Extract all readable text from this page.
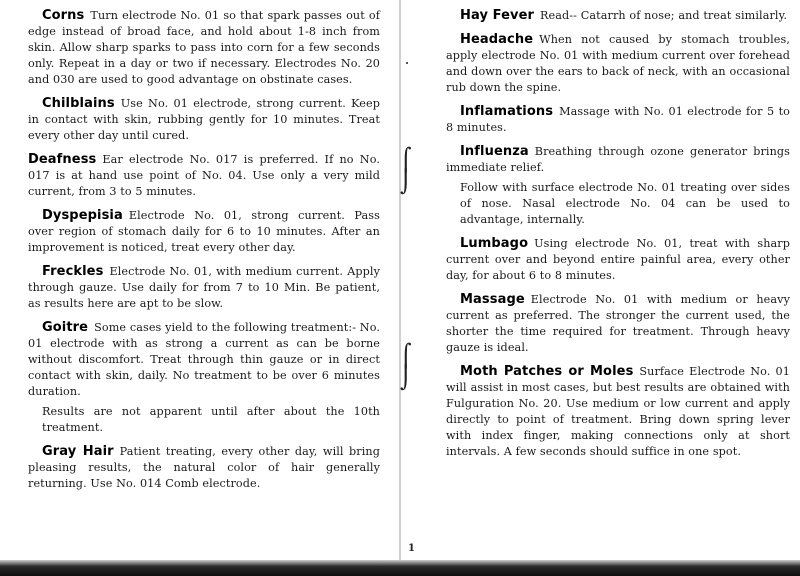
Corns Turn electrode No. 01 so that spark passes out of edge instead of broad face, and hold about 1-8 inch from skin. Allow sharp sparks to pass into corn for a few seconds only. Repeat in a day or two if necessary. Electrodes No. 20 and 030 are used to good advantage on obstinate cases.

Chilblains Use No. 01 electrode, strong current. Keep in contact with skin, rubbing gently for 10 minutes. Treat every other day until cured.

Deafness Ear electrode No. 017 is preferred. If no No. 017 is at hand use point of No. 04. Use only a very mild current, from 3 to 5 minutes.

Dyspepisia Electrode No. 01, strong current. Pass over region of stomach daily for 6 to 10 minutes. After an improvement is noticed, treat every other day.

Freckles Electrode No. 01, with medium current. Apply through gauze. Use daily for from 7 to 10 Min. Be patient, as results here are apt to be slow.

Goitre Some cases yield to the following treatment:- No. 01 electrode with as strong a current as can be borne without discomfort. Treat through thin gauze or in direct contact with skin, daily. No treatment to be over 6 minutes duration.

Results are not apparent until after about the 10th treatment.

Gray Hair Patient treating, every other day, will bring pleasing results, the natural color of hair generally returning. Use No. 014 Comb electrode.

⌠
⌡
⌠
⌡

Hay Fever Read-- Catarrh of nose; and treat similarly.

Headache When not caused by stomach troubles, apply electrode No. 01 with medium current over forehead and down over the ears to back of neck, with an occasional rub down the spine.

Inflamations Massage with No. 01 electrode for 5 to 8 minutes.

Influenza Breathing through ozone generator brings immediate relief.

Follow with surface electrode No. 01 treating over sides of nose. Nasal electrode No. 04 can be used to advantage, internally.

Lumbago Using electrode No. 01, treat with sharp current over and beyond entire painful area, every other day, for about 6 to 8 minutes.

Massage Electrode No. 01 with medium or heavy current as preferred. The stronger the current used, the shorter the time required for treatment. Through heavy gauze is ideal.

Moth Patches or Moles Surface Electrode No. 01 will assist in most cases, but best results are obtained with Fulguration No. 20. Use medium or low current and apply directly to point of treatment. Bring down spring lever with index finger, making connections only at short intervals. A few seconds should suffice in one spot.

1
